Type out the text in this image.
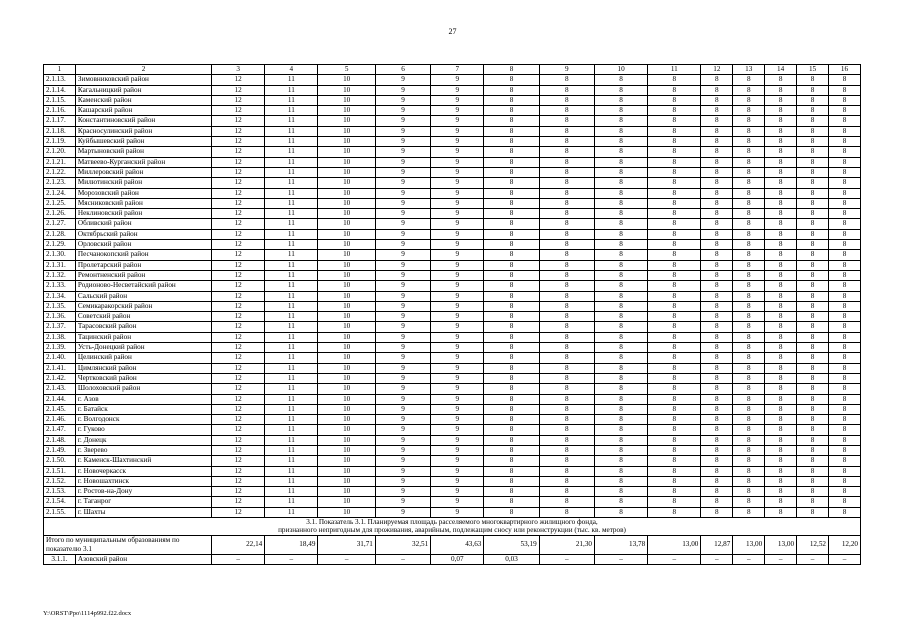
27
1	2	3	4	5	6	7	8	9	10	11	12	13	14	15	16
2.1.13.	Зимовниковский район	12	11	10	9	9	8	8	8	8	8	8	8	8	8
2.1.14.	Кагальницкий район	12	11	10	9	9	8	8	8	8	8	8	8	8	8
2.1.15.	Каменский район	12	11	10	9	9	8	8	8	8	8	8	8	8	8
2.1.16.	Кашарский район	12	11	10	9	9	8	8	8	8	8	8	8	8	8
2.1.17.	Константиновский район	12	11	10	9	9	8	8	8	8	8	8	8	8	8
2.1.18.	Красносулинский район	12	11	10	9	9	8	8	8	8	8	8	8	8	8
2.1.19.	Куйбышевский район	12	11	10	9	9	8	8	8	8	8	8	8	8	8
2.1.20.	Мартыновский район	12	11	10	9	9	8	8	8	8	8	8	8	8	8
2.1.21.	Матвеево-Курганский район	12	11	10	9	9	8	8	8	8	8	8	8	8	8
2.1.22.	Миллеровский район	12	11	10	9	9	8	8	8	8	8	8	8	8	8
2.1.23.	Милютинский район	12	11	10	9	9	8	8	8	8	8	8	8	8	8
2.1.24.	Морозовский район	12	11	10	9	9	8	8	8	8	8	8	8	8	8
2.1.25.	Мясниковский район	12	11	10	9	9	8	8	8	8	8	8	8	8	8
2.1.26.	Неклиновский район	12	11	10	9	9	8	8	8	8	8	8	8	8	8
2.1.27.	Обливский район	12	11	10	9	9	8	8	8	8	8	8	8	8	8
2.1.28.	Октябрьский район	12	11	10	9	9	8	8	8	8	8	8	8	8	8
2.1.29.	Орловский район	12	11	10	9	9	8	8	8	8	8	8	8	8	8
2.1.30.	Песчанокопский район	12	11	10	9	9	8	8	8	8	8	8	8	8	8
2.1.31.	Пролетарский район	12	11	10	9	9	8	8	8	8	8	8	8	8	8
2.1.32.	Ремонтненский район	12	11	10	9	9	8	8	8	8	8	8	8	8	8
2.1.33.	Родионово-Несветайский район	12	11	10	9	9	8	8	8	8	8	8	8	8	8
2.1.34.	Сальский район	12	11	10	9	9	8	8	8	8	8	8	8	8	8
2.1.35.	Семикаракорский район	12	11	10	9	9	8	8	8	8	8	8	8	8	8
2.1.36.	Советский район	12	11	10	9	9	8	8	8	8	8	8	8	8	8
2.1.37.	Тарасовский район	12	11	10	9	9	8	8	8	8	8	8	8	8	8
2.1.38.	Тацинский район	12	11	10	9	9	8	8	8	8	8	8	8	8	8
2.1.39.	Усть-Донецкий район	12	11	10	9	9	8	8	8	8	8	8	8	8	8
2.1.40.	Целинский район	12	11	10	9	9	8	8	8	8	8	8	8	8	8
2.1.41.	Цимлянский район	12	11	10	9	9	8	8	8	8	8	8	8	8	8
2.1.42.	Чертковский район	12	11	10	9	9	8	8	8	8	8	8	8	8	8
2.1.43.	Шолоховский район	12	11	10	9	9	8	8	8	8	8	8	8	8	8
2.1.44.	г. Азов	12	11	10	9	9	8	8	8	8	8	8	8	8	8
2.1.45.	г. Батайск	12	11	10	9	9	8	8	8	8	8	8	8	8	8
2.1.46.	г. Волгодонск	12	11	10	9	9	8	8	8	8	8	8	8	8	8
2.1.47.	г. Гуково	12	11	10	9	9	8	8	8	8	8	8	8	8	8
2.1.48.	г. Донецк	12	11	10	9	9	8	8	8	8	8	8	8	8	8
2.1.49.	г. Зверево	12	11	10	9	9	8	8	8	8	8	8	8	8	8
2.1.50.	г. Каменск-Шахтинский	12	11	10	9	9	8	8	8	8	8	8	8	8	8
2.1.51.	г. Новочеркасск	12	11	10	9	9	8	8	8	8	8	8	8	8	8
2.1.52.	г. Новошахтинск	12	11	10	9	9	8	8	8	8	8	8	8	8	8
2.1.53.	г. Ростов-на-Дону	12	11	10	9	9	8	8	8	8	8	8	8	8	8
2.1.54.	г. Таганрог	12	11	10	9	9	8	8	8	8	8	8	8	8	8
2.1.55.	г. Шахты	12	11	10	9	9	8	8	8	8	8	8	8	8	8

3.1. Показатель 3.1. Планируемая площадь расселяемого многоквартирного жилищного фонда,
признанного непригодным для проживания, аварийным, подлежащим сносу или реконструкции (тыс. кв. метров)															

Итого по муниципальным образованиям по показателю 3.1		22,14	18,49	31,71	32,51	43,63	53,19	21,30	13,78	13,00	12,87	13,00	13,00	12,52	12,20
3.1.1.	Азовский район	–	–	–	–	0,07	0,03	–	–	–	–	–	–	–	–
Y:\ORST\Ppo\1114p992.f22.docx
